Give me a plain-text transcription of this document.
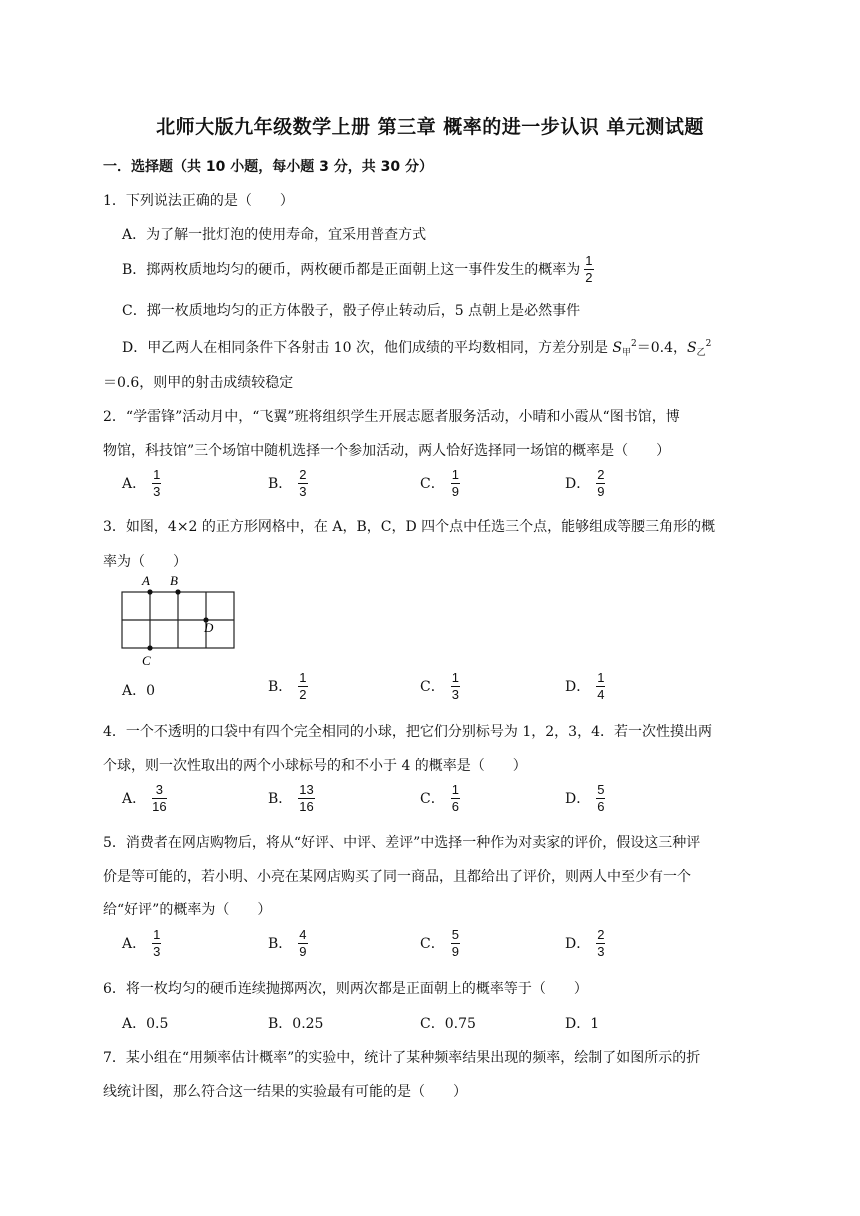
北师大版九年级数学上册 第三章 概率的进一步认识 单元测试题
一．选择题（共 10 小题，每小题 3 分，共 30 分）
1．下列说法正确的是（　　）
A．为了解一批灯泡的使用寿命，宜采用普查方式
B．掷两枚质地均匀的硬币，两枚硬币都是正面朝上这一事件发生的概率为 $\frac{1}{2}$
C．掷一枚质地均匀的正方体骰子，骰子停止转动后，5 点朝上是必然事件
D．甲乙两人在相同条件下各射击 10 次，他们成绩的平均数相同，方差分别是 $S_甲^2=0.4$，$S_乙^2$
＝0.6，则甲的射击成绩较稳定
2．“学雷锋”活动月中，“飞翼”班将组织学生开展志愿者服务活动，小晴和小霞从“图书馆，博
物馆，科技馆”三个场馆中随机选择一个参加活动，两人恰好选择同一场馆的概率是（　　）
A． $\frac{1}{3}$	B． $\frac{2}{3}$	C． $\frac{1}{9}$	D． $\frac{2}{9}$
3．如图，4×2 的正方形网格中，在 A，B，C，D 四个点中任选三个点，能够组成等腰三角形的概
率为（　　）
A B
C
D
A．0	B． $\frac{1}{2}$	C． $\frac{1}{3}$	D． $\frac{1}{4}$
4．一个不透明的口袋中有四个完全相同的小球，把它们分别标号为 1，2，3，4．若一次性摸出两
个球，则一次性取出的两个小球标号的和不小于 4 的概率是（　　）
A． $\frac{3}{16}$	B． $\frac{13}{16}$	C． $\frac{1}{6}$	D． $\frac{5}{6}$
5．消费者在网店购物后，将从“好评、中评、差评”中选择一种作为对卖家的评价，假设这三种评
价是等可能的，若小明、小亮在某网店购买了同一商品，且都给出了评价，则两人中至少有一个
给“好评”的概率为（　　）
A． $\frac{1}{3}$	B． $\frac{4}{9}$	C． $\frac{5}{9}$	D． $\frac{2}{3}$
6．将一枚均匀的硬币连续抛掷两次，则两次都是正面朝上的概率等于（　　）
A．0.5	B．0.25	C．0.75	D．1
7．某小组在“用频率估计概率”的实验中，统计了某种频率结果出现的频率，绘制了如图所示的折
线统计图，那么符合这一结果的实验最有可能的是（　　）
